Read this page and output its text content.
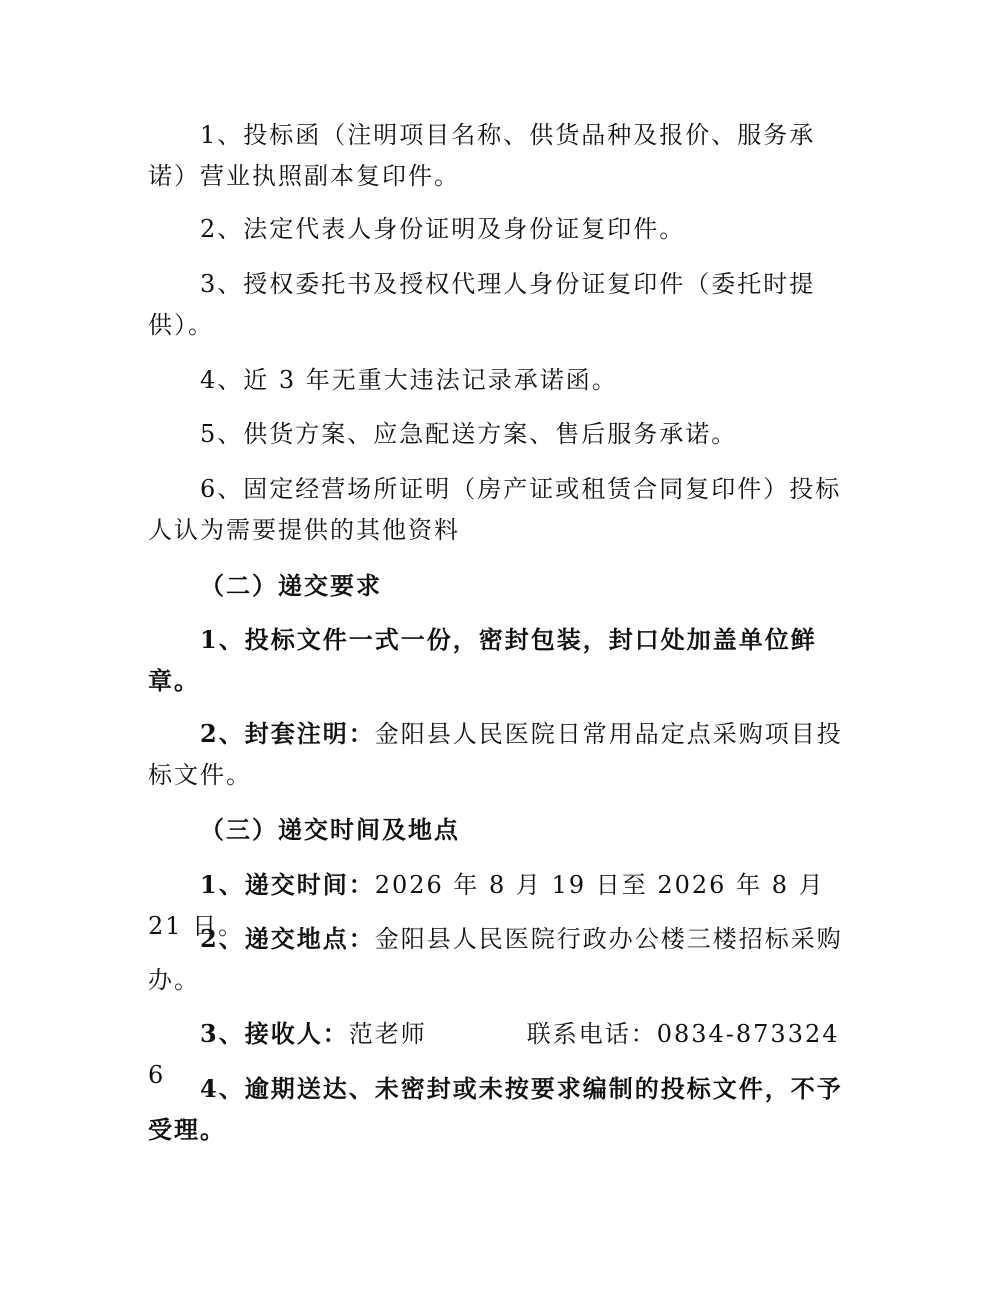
1、投标函（注明项目名称、供货品种及报价、服务承诺）营业执照副本复印件。

2、法定代表人身份证明及身份证复印件。

3、授权委托书及授权代理人身份证复印件（委托时提供）。

4、近 3 年无重大违法记录承诺函。

5、供货方案、应急配送方案、售后服务承诺。

6、固定经营场所证明（房产证或租赁合同复印件）投标人认为需要提供的其他资料

（二）递交要求

1、投标文件一式一份，密封包装，封口处加盖单位鲜章。

2、封套注明：金阳县人民医院日常用品定点采购项目投标文件。

（三）递交时间及地点

1、递交时间：2026 年 8 月 19 日至 2026 年 8 月 21 日。

2、递交地点：金阳县人民医院行政办公楼三楼招标采购办。

3、接收人：范老师	联系电话：0834-8733246	4、逾期送达、未密封或未按要求编制的投标文件，不予受理。
